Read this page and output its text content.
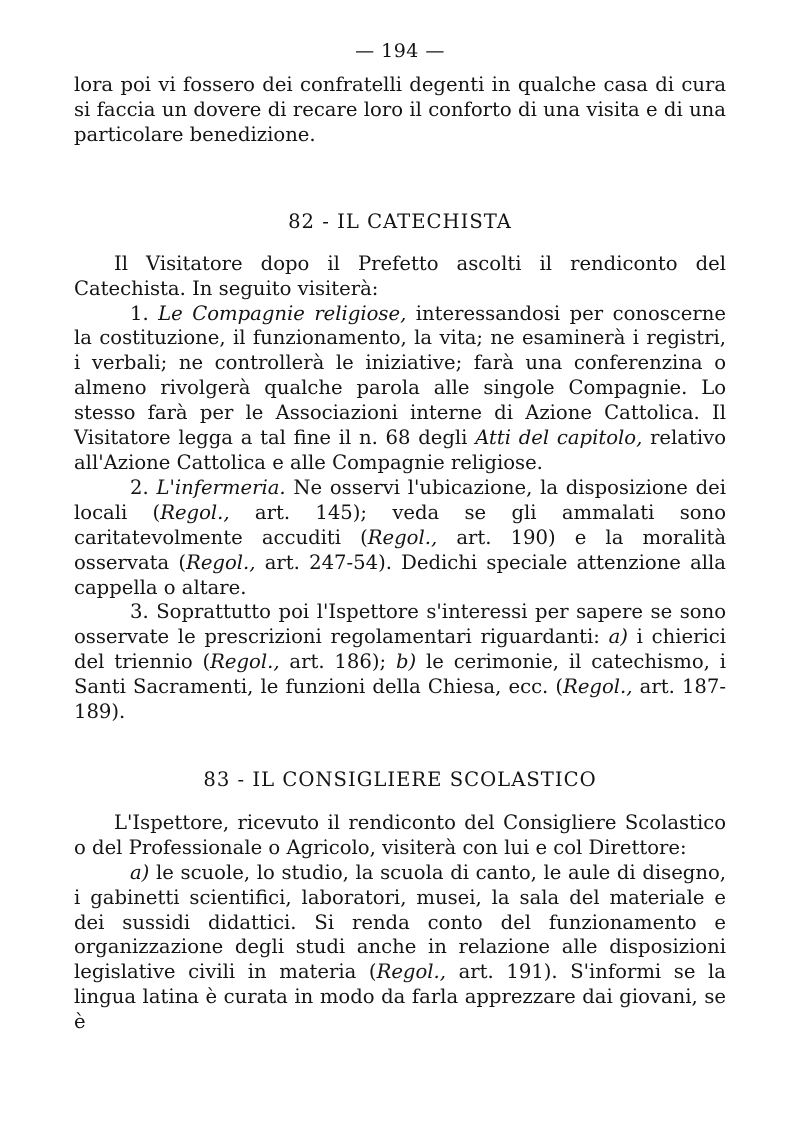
— 194 —

lora poi vi fossero dei confratelli degenti in qualche casa di cura si faccia un dovere di recare loro il conforto di una visita e di una particolare benedizione.

82 - IL CATECHISTA

Il Visitatore dopo il Prefetto ascolti il rendiconto del Catechista. In seguito visiterà:

1. Le Compagnie religiose, interessandosi per conoscerne la costituzione, il funzionamento, la vita; ne esaminerà i registri, i verbali; ne controllerà le iniziative; farà una conferenzina o almeno rivolgerà qualche parola alle singole Compagnie. Lo stesso farà per le Associazioni interne di Azione Cattolica. Il Visitatore legga a tal fine il n. 68 degli Atti del capitolo, relativo all'Azione Cattolica e alle Compagnie religiose.

2. L'infermeria. Ne osservi l'ubicazione, la disposizione dei locali (Regol., art. 145); veda se gli ammalati sono caritatevolmente accuditi (Regol., art. 190) e la moralità osservata (Regol., art. 247-54). Dedichi speciale attenzione alla cappella o altare.

3. Soprattutto poi l'Ispettore s'interessi per sapere se sono osservate le prescrizioni regolamentari riguardanti: a) i chierici del triennio (Regol., art. 186); b) le cerimonie, il catechismo, i Santi Sacramenti, le funzioni della Chiesa, ecc. (Regol., art. 187-189).

83 - IL CONSIGLIERE SCOLASTICO

L'Ispettore, ricevuto il rendiconto del Consigliere Scolastico o del Professionale o Agricolo, visiterà con lui e col Direttore:

a) le scuole, lo studio, la scuola di canto, le aule di disegno, i gabinetti scientifici, laboratori, musei, la sala del materiale e dei sussidi didattici. Si renda conto del funzionamento e organizzazione degli studi anche in relazione alle disposizioni legislative civili in materia (Regol., art. 191). S'informi se la lingua latina è curata in modo da farla apprezzare dai giovani, se è
